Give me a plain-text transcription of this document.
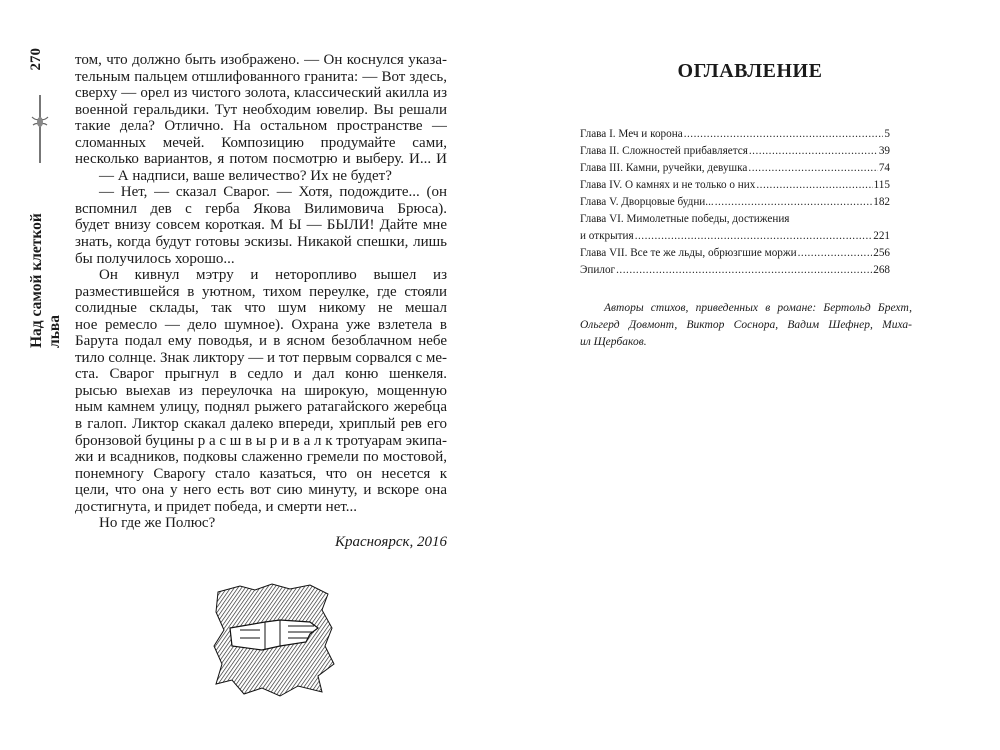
270
Над самой клеткой льва
том, что должно быть изображено. — Он коснулся указа-
тельным пальцем отшлифованного гранита: — Вот здесь,
сверху — орел из чистого золота, классический акилла из
военной геральдики. Тут необходим ювелир. Вы решали
такие дела? Отлично. На остальном пространстве —
сломанных мечей. Композицию продумайте сами,
несколько вариантов, я потом посмотрю и выберу. И... И
— А надписи, ваше величество? Их не будет?
— Нет, — сказал Сварог. — Хотя, подождите... (он
вспомнил дев с герба Якова Вилимовича Брюса).
будет внизу совсем короткая. М Ы — БЫЛИ! Дайте мне
знать, когда будут готовы эскизы. Никакой спешки, лишь
бы получилось хорошо...
Он кивнул мэтру и неторопливо вышел из
разместившейся в уютном, тихом переулке, где стояли
солидные склады, так что шум никому не мешал
ное ремесло — дело шумное). Охрана уже взлетела в
Барута подал ему поводья, и в ясном безоблачном небе
тило солнце. Знак ликтору — и тот первым сорвался с ме-
ста. Сварог прыгнул в седло и дал коню шенкеля.
рысью выехав из переулочка на широкую, мощенную
ным камнем улицу, поднял рыжего ратагайского жеребца
в галоп. Ликтор скакал далеко впереди, хриплый рев его
бронзовой буцины р а с ш в ы р и в а л к тротуарам экипа-
жи и всадников, подковы слаженно гремели по мостовой,
понемногу Сварогу стало казаться, что он несется к
цели, что она у него есть вот сию минуту, и вскоре она
достигнута, и придет победа, и смерти нет...
Но где же Полюс?
Красноярск, 2016
ОГЛАВЛЕНИЕ
Глава I. Меч и корона .....	5
Глава II. Сложностей прибавляется .....	39
Глава III. Камни, ручейки, девушка .....	74
Глава IV. О камнях и не только о них .....	115
Глава V. Дворцовые будни... .....	182
Глава VI. Мимолетные победы, достижения
и открытия .....	221
Глава VII. Все те же льды, обрюзгшие моржи .....	256
Эпилог .....	268
Авторы стихов, приведенных в романе: Бертольд Брехт,
Ольгерд Довмонт, Виктор Соснора, Вадим Шефнер, Миха-
ил Щербаков.
